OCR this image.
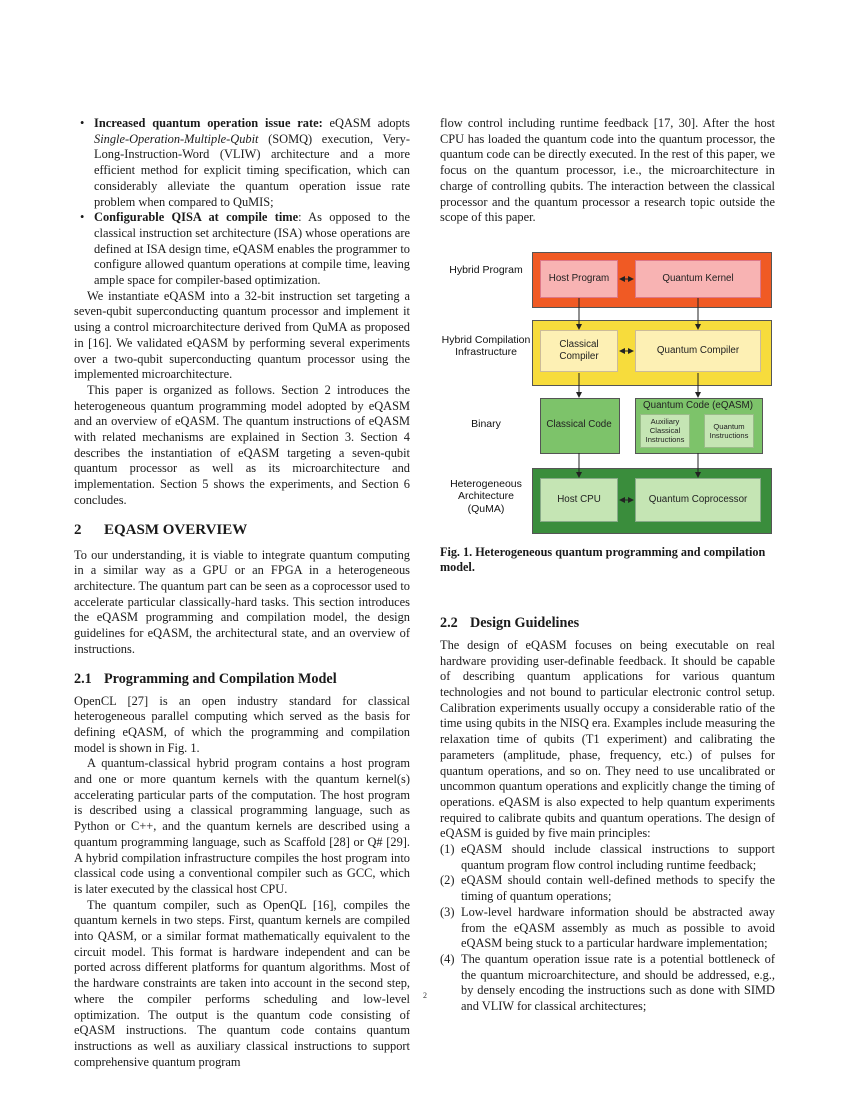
• Increased quantum operation issue rate: eQASM adopts Single-Operation-Multiple-Qubit (SOMQ) execution, Very-Long-Instruction-Word (VLIW) architecture and a more efficient method for explicit timing specification, which can considerably alleviate the quantum operation issue rate problem when compared to QuMIS;
• Configurable QISA at compile time: As opposed to the classical instruction set architecture (ISA) whose operations are defined at ISA design time, eQASM enables the programmer to configure allowed quantum operations at compile time, leaving ample space for compiler-based optimization.

We instantiate eQASM into a 32-bit instruction set targeting a seven-qubit superconducting quantum processor and implement it using a control microarchitecture derived from QuMA as proposed in [16]. We validated eQASM by performing several experiments over a two-qubit superconducting quantum processor using the implemented microarchitecture.

This paper is organized as follows. Section 2 introduces the heterogeneous quantum programming model adopted by eQASM and an overview of eQASM. The quantum instructions of eQASM with related mechanisms are explained in Section 3. Section 4 describes the instantiation of eQASM targeting a seven-qubit quantum processor as well as its microarchitecture and implementation. Section 5 shows the experiments, and Section 6 concludes.

2 EQASM OVERVIEW

To our understanding, it is viable to integrate quantum computing in a similar way as a GPU or an FPGA in a heterogeneous architecture. The quantum part can be seen as a coprocessor used to accelerate particular classically-hard tasks. This section introduces the eQASM programming and compilation model, the design guidelines for eQASM, the architectural state, and an overview of instructions.

2.1 Programming and Compilation Model

OpenCL [27] is an open industry standard for classical heterogeneous parallel computing which served as the basis for defining eQASM, of which the programming and compilation model is shown in Fig. 1.

A quantum-classical hybrid program contains a host program and one or more quantum kernels with the quantum kernel(s) accelerating particular parts of the computation. The host program is described using a classical programming language, such as Python or C++, and the quantum kernels are described using a quantum programming language, such as Scaffold [28] or Q# [29]. A hybrid compilation infrastructure compiles the host program into classical code using a conventional compiler such as GCC, which is later executed by the classical host CPU.

The quantum compiler, such as OpenQL [16], compiles the quantum kernels in two steps. First, quantum kernels are compiled into QASM, or a similar format mathematically equivalent to the circuit model. This format is hardware independent and can be ported across different platforms for quantum algorithms. Most of the hardware constraints are taken into account in the second step, where the compiler performs scheduling and low-level optimization. The output is the quantum code consisting of eQASM instructions. The quantum code contains quantum instructions as well as auxiliary classical instructions to support comprehensive quantum program

flow control including runtime feedback [17, 30]. After the host CPU has loaded the quantum code into the quantum processor, the quantum code can be directly executed. In the rest of this paper, we focus on the quantum processor, i.e., the microarchitecture in charge of controlling qubits. The interaction between the classical processor and the quantum processor a research topic outside the scope of this paper.

Hybrid Program
Hybrid Compilation Infrastructure
Binary
Heterogeneous Architecture (QuMA)
Host Program	Quantum Kernel
Classical Compiler
Quantum Compiler
Classical Code
Quantum Code (eQASM)
Auxiliary Classical Instructions
Quantum Instructions
Host CPU	Quantum Coprocessor

Fig. 1. Heterogeneous quantum programming and compilation model.

2.2 Design Guidelines

The design of eQASM focuses on being executable on real hardware providing user-definable feedback. It should be capable of describing quantum applications for various quantum technologies and not bound to particular electronic control setup. Calibration experiments usually occupy a considerable ratio of the time using qubits in the NISQ era. Examples include measuring the relaxation time of qubits (T1 experiment) and calibrating the parameters (amplitude, phase, frequency, etc.) of pulses for quantum operations, and so on. They need to use uncalibrated or uncommon quantum operations and explicitly change the timing of operations. eQASM is also expected to help quantum experiments required to calibrate qubits and quantum operations. The design of eQASM is guided by five main principles:

(1) eQASM should include classical instructions to support quantum program flow control including runtime feedback;
(2) eQASM should contain well-defined methods to specify the timing of quantum operations;
(3) Low-level hardware information should be abstracted away from the eQASM assembly as much as possible to avoid eQASM being stuck to a particular hardware implementation;
(4) The quantum operation issue rate is a potential bottleneck of the quantum microarchitecture, and should be addressed, e.g., by densely encoding the instructions such as done with SIMD and VLIW for classical architectures;
2
